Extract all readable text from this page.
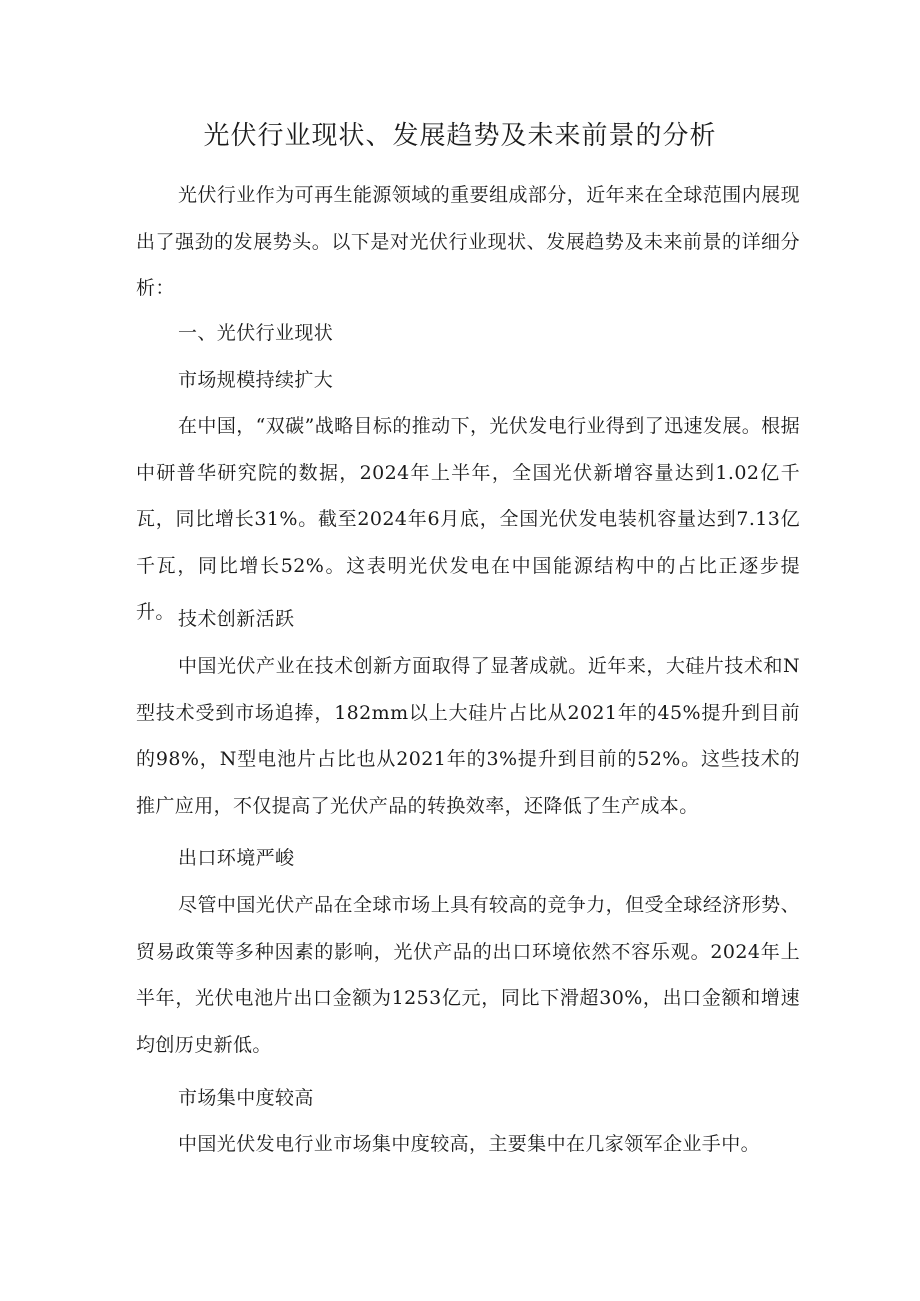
光伏行业现状、发展趋势及未来前景的分析

光伏行业作为可再生能源领域的重要组成部分，近年来在全球范围内展现出了强劲的发展势头。以下是对光伏行业现状、发展趋势及未来前景的详细分析：

一、光伏行业现状

市场规模持续扩大

在中国，“双碳”战略目标的推动下，光伏发电行业得到了迅速发展。根据中研普华研究院的数据，2024年上半年，全国光伏新增容量达到1.02亿千瓦，同比增长31%。截至2024年6月底，全国光伏发电装机容量达到7.13亿千瓦，同比增长52%。这表明光伏发电在中国能源结构中的占比正逐步提升。 技术创新活跃

中国光伏产业在技术创新方面取得了显著成就。近年来，大硅片技术和N型技术受到市场追捧，182mm以上大硅片占比从2021年的45%提升到目前的98%，N型电池片占比也从2021年的3%提升到目前的52%。这些技术的推广应用，不仅提高了光伏产品的转换效率，还降低了生产成本。

出口环境严峻

尽管中国光伏产品在全球市场上具有较高的竞争力，但受全球经济形势、贸易政策等多种因素的影响，光伏产品的出口环境依然不容乐观。2024年上半年，光伏电池片出口金额为1253亿元，同比下滑超30%，出口金额和增速均创历史新低。

市场集中度较高

中国光伏发电行业市场集中度较高，主要集中在几家领军企业手中。
